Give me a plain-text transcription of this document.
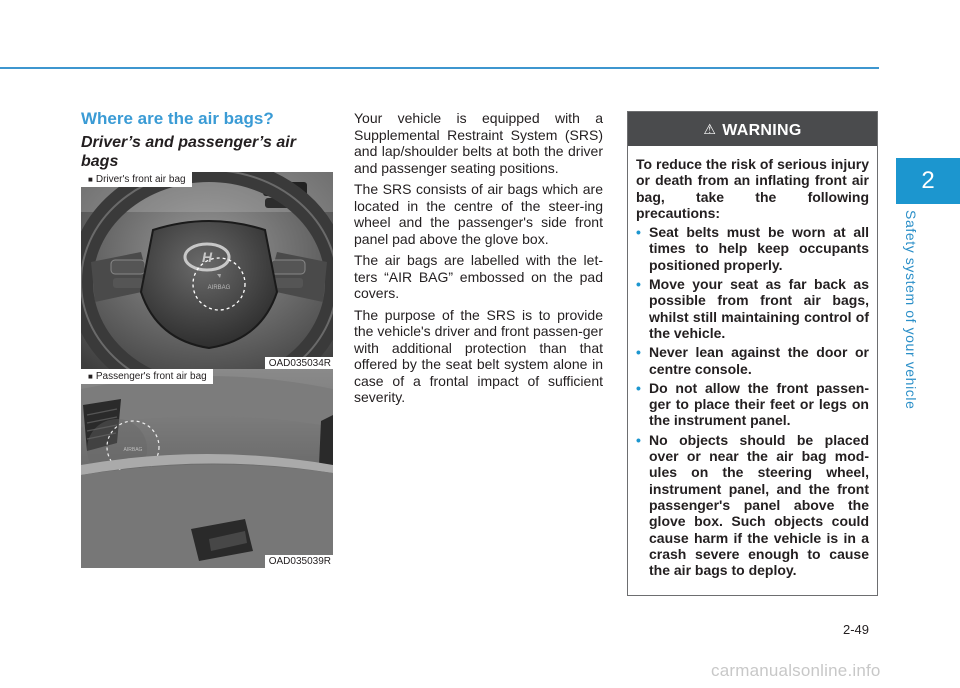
2
Safety system of your vehicle
Where are the air bags?
Driver’s and passenger’s air bags
H
AIRBAG
■ Driver's front air bag
OAD035034R
AIRBAG
■ Passenger's front air bag
OAD035039R

Your vehicle is equipped with a Supplemental Restraint System (SRS) and lap/shoulder belts at both the driver and passenger seating positions.

The SRS consists of air bags which are located in the centre of the steer-ing wheel and the passenger's side front panel pad above the glove box.

The air bags are labelled with the let-ters “AIR BAG” embossed on the pad covers.

The purpose of the SRS is to provide the vehicle's driver and front passen-ger with additional protection than that offered by the seat belt system alone in case of a frontal impact of sufficient severity.

⚠ WARNING

To reduce the risk of serious injury or death from an inflating front air bag, take the following precautions:

• Seat belts must be worn at all times to help keep occupants positioned properly.
• Move your seat as far back as possible from front air bags, whilst still maintaining control of the vehicle.
• Never lean against the door or centre console.
• Do not allow the front passen-ger to place their feet or legs on the instrument panel.
• No objects should be placed over or near the air bag mod-ules on the steering wheel, instrument panel, and the front passenger's panel above the glove box. Such objects could cause harm if the vehicle is in a crash severe enough to cause the air bags to deploy.
2-49
carmanualsonline.info
